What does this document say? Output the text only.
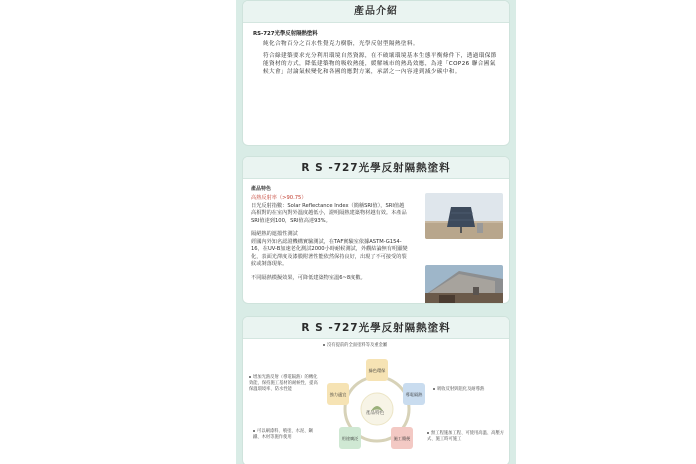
產品介紹
RS-727光學反射隔熱塗料
純化合物百分之百水性覺克力樹脂，光學反射型隔熱塗料。
符合綠建築要求充分利用環境自然資源，在不破壞環境基本生態平衡條件下，透過環保節能資材的方式，降低建築物的吸收熱能，緩解城市的熱島效應，為達「COP26 聯合國氣候大會」討論氣候變化和各國的應對方案，承諾之一內容達到減少碳中和。
R S -727光學反射隔熱塗料
產品特色
高熱反射率（>90.75）
日光反射指數：Solar Reflectance Index（簡稱SRI值），SRI值越高相對的在室內對外溫度越低小，證明隔熱建築物材越有效。本產品SRI值達到100，SRI值高達93%。
隔絕熱的遮擋性測試
經國內外知名認證機構實驗測試，在TAF實驗室依據ASTM-G154-16，在UV-B加速老化測試2000小時耐候測試，外觀結論無有明顯變化，表面光澤度及漆膜附著性能依然保持良好，出現了不可接受的裂紋或剝落現象。
不同隔熱模擬效果，可降低建築物室溫6~8度數。
R S -727光學反射隔熱塗料
沒有提前的全面塗料等及重金屬
產品特色
綠色環保
導電隔熱
施工簡便
用途廣泛
強力適宜
增加光熱反射（導電隔熱）的轉化效能，保持施工基材的耐候性，提高保溫環境率、防水性能
可以刷漆料、噴塗、水泥、鋼鐵、木材等施作使用
吸收反射與阻化及耐導熱
無工程施加工程、可使用高溫、高壓方式、施工時可施工
